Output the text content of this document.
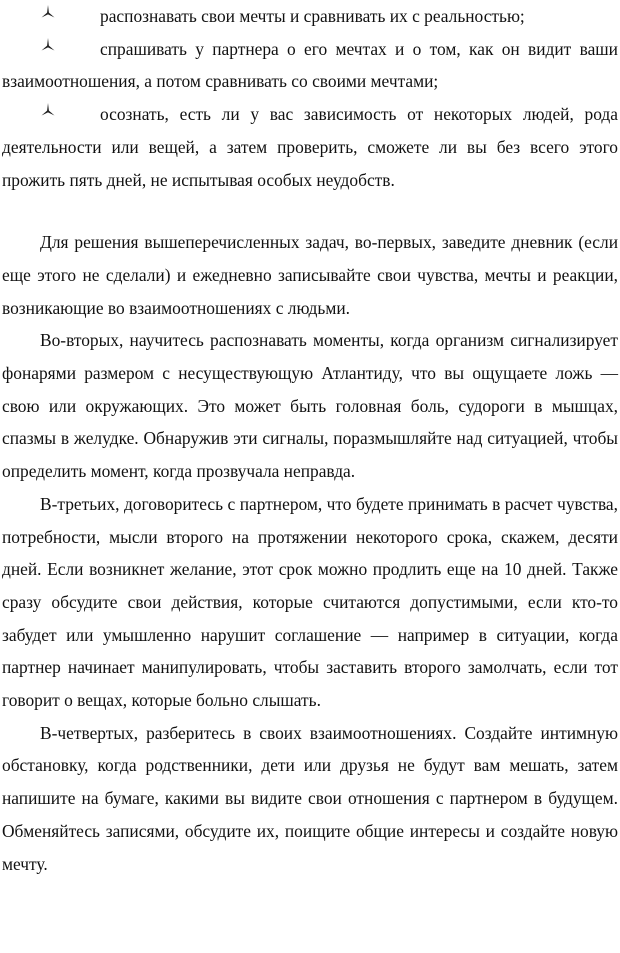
распознавать свои мечты и сравнивать их с реальностью;
спрашивать у партнера о его мечтах и о том, как он видит ваши взаимоотношения, а потом сравнивать со своими мечтами;
осознать, есть ли у вас зависимость от некоторых людей, рода деятельности или вещей, а затем проверить, сможете ли вы без всего этого прожить пять дней, не испытывая особых неудобств.

Для решения вышеперечисленных задач, во-первых, заведите дневник (если еще этого не сделали) и ежедневно записывайте свои чувства, мечты и реакции, возникающие во взаимоотношениях с людьми.

Во-вторых, научитесь распознавать моменты, когда организм сигнализирует фонарями размером с несуществующую Атлантиду, что вы ощущаете ложь — свою или окружающих. Это может быть головная боль, судороги в мышцах, спазмы в желудке. Обнаружив эти сигналы, поразмышляйте над ситуацией, чтобы определить момент, когда прозвучала неправда.

В-третьих, договоритесь с партнером, что будете принимать в расчет чувства, потребности, мысли второго на протяжении некоторого срока, скажем, десяти дней. Если возникнет желание, этот срок можно продлить еще на 10 дней. Также сразу обсудите свои действия, которые считаются допустимыми, если кто-то забудет или умышленно нарушит соглашение — например в ситуации, когда партнер начинает манипулировать, чтобы заставить второго замолчать, если тот говорит о вещах, которые больно слышать.

В-четвертых, разберитесь в своих взаимоотношениях. Создайте интимную обстановку, когда родственники, дети или друзья не будут вам мешать, затем напишите на бумаге, какими вы видите свои отношения с партнером в будущем. Обменяйтесь записями, обсудите их, поищите общие интересы и создайте новую мечту.
